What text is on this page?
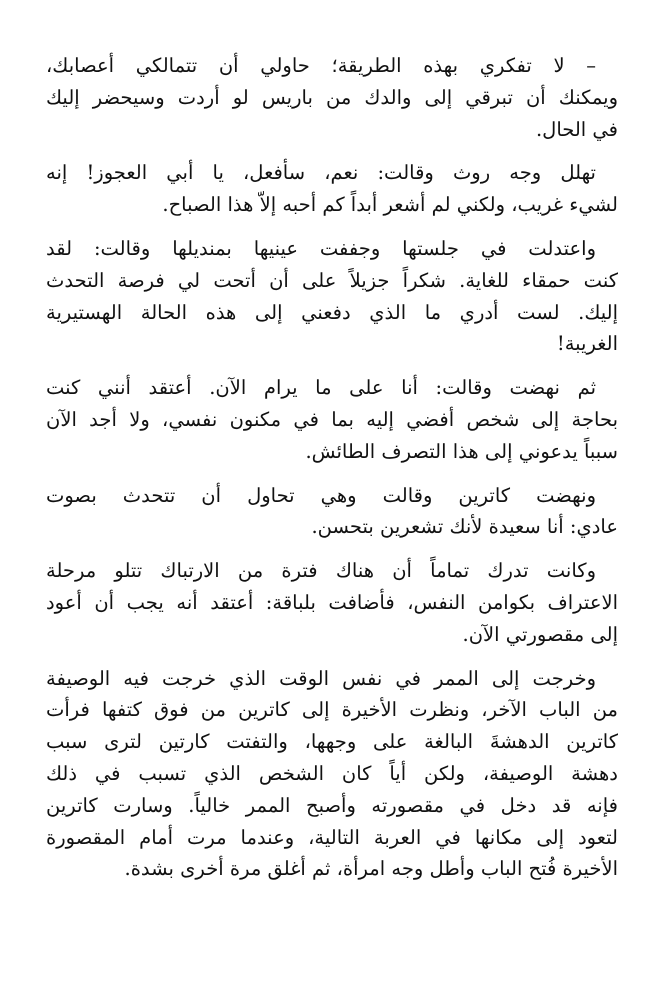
– لا تفكري بهذه الطريقة؛ حاولي أن تتمالكي أعصابك،
ويمكنك أن تبرقي إلى والدك من باريس لو أردت وسيحضر إليك
في الحال.
تهلل وجه روث وقالت: نعم، سأفعل، يا أبي العجوز! إنه
لشيء غريب، ولكني لم أشعر أبداً كم أحبه إلاّ هذا الصباح.
واعتدلت في جلستها وجففت عينيها بمنديلها وقالت: لقد
كنت حمقاء للغاية. شكراً جزيلاً على أن أتحت لي فرصة التحدث
إليك. لست أدري ما الذي دفعني إلى هذه الحالة الهستيرية
الغريبة!
ثم نهضت وقالت: أنا على ما يرام الآن. أعتقد أنني كنت
بحاجة إلى شخص أفضي إليه بما في مكنون نفسي، ولا أجد الآن
سبباً يدعوني إلى هذا التصرف الطائش.
ونهضت كاترين وقالت وهي تحاول أن تتحدث بصوت
عادي: أنا سعيدة لأنك تشعرين بتحسن.
وكانت تدرك تماماً أن هناك فترة من الارتباك تتلو مرحلة
الاعتراف بكوامن النفس، فأضافت بلباقة: أعتقد أنه يجب أن أعود
إلى مقصورتي الآن.
وخرجت إلى الممر في نفس الوقت الذي خرجت فيه الوصيفة
من الباب الآخر، ونظرت الأخيرة إلى كاترين من فوق كتفها فرأت
كاترين الدهشةَ البالغة على وجهها، والتفتت كارتين لترى سبب
دهشة الوصيفة، ولكن أياً كان الشخص الذي تسبب في ذلك
فإنه قد دخل في مقصورته وأصبح الممر خالياً. وسارت كاترين
لتعود إلى مكانها في العربة التالية، وعندما مرت أمام المقصورة
الأخيرة فُتح الباب وأطل وجه امرأة، ثم أغلق مرة أخرى بشدة.
